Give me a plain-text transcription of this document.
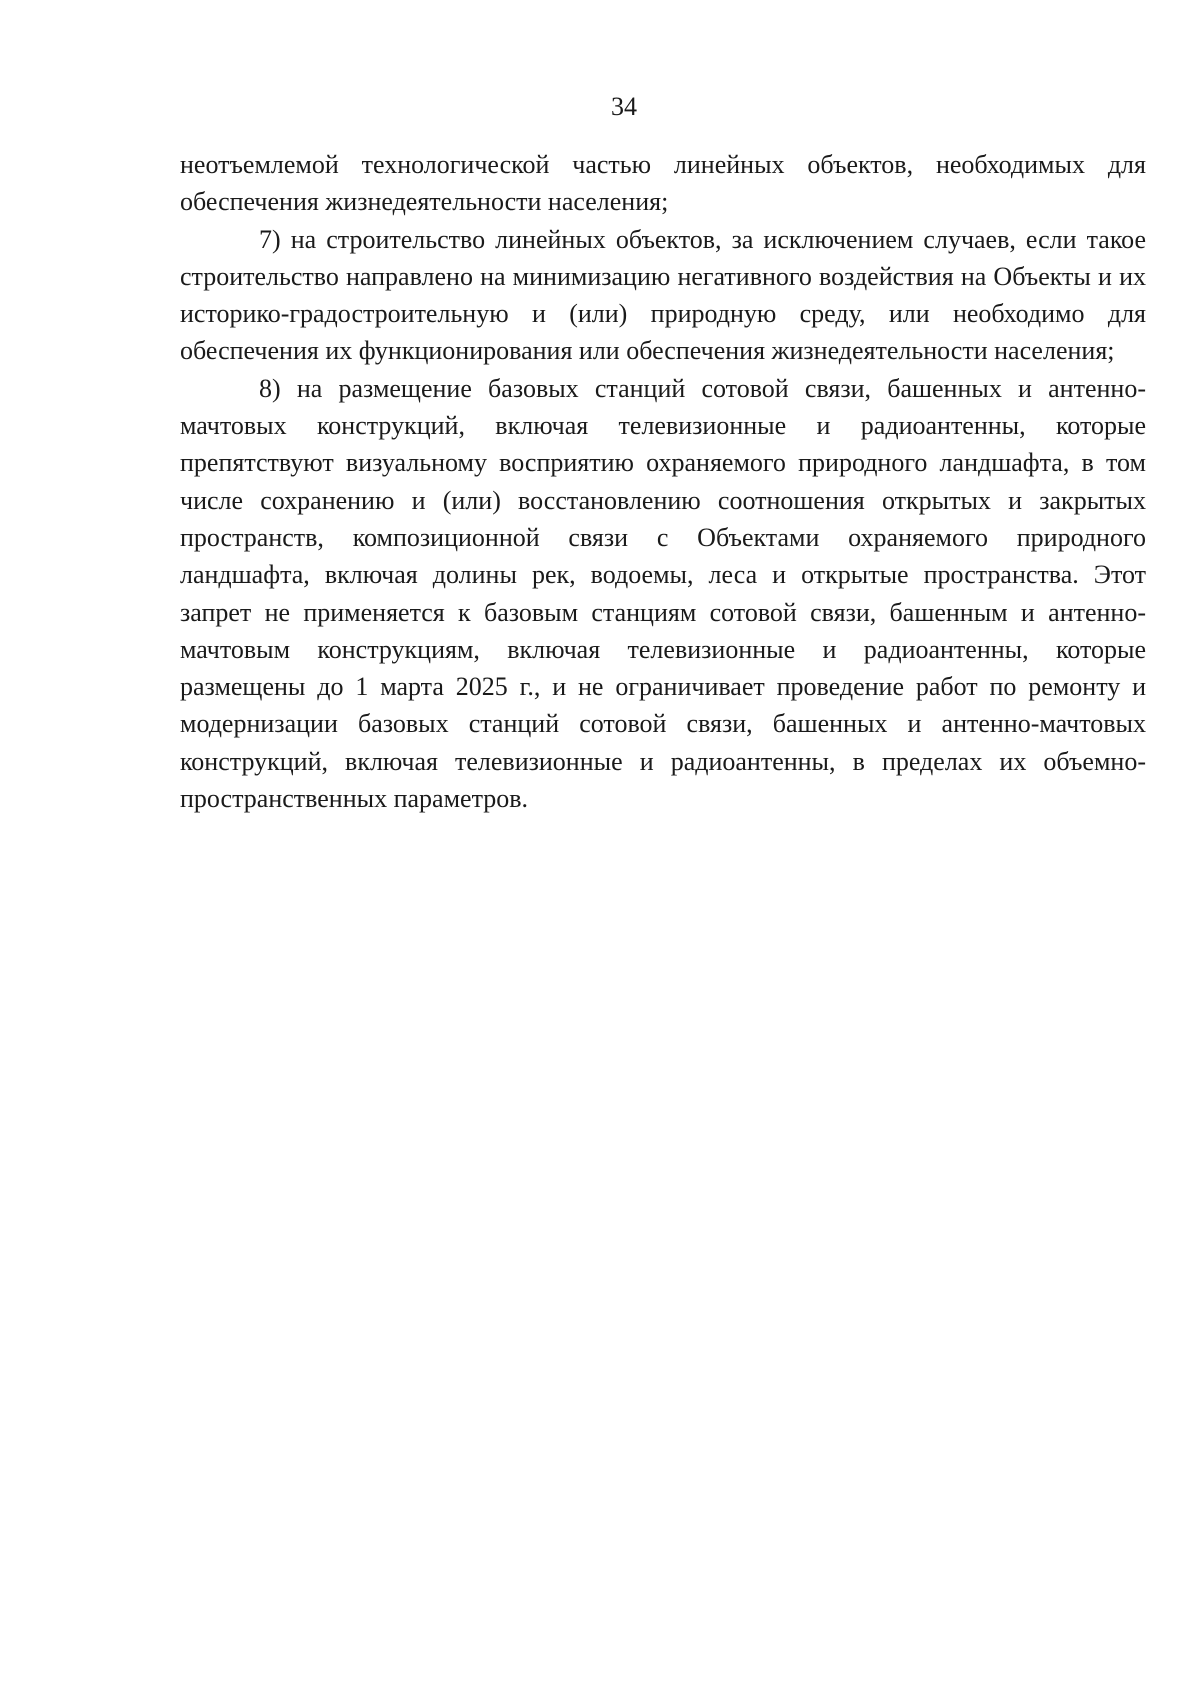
34

неотъемлемой технологической частью линейных объектов, необходимых для обеспечения жизнедеятельности населения;

7) на строительство линейных объектов, за исключением случаев, если такое строительство направлено на минимизацию негативного воздействия на Объекты и их историко-градостроительную и (или) природную среду, или необходимо для обеспечения их функционирования или обеспечения жизнедеятельности населения;

8) на размещение базовых станций сотовой связи, башенных и антенно-мачтовых конструкций, включая телевизионные и радиоантенны, которые препятствуют визуальному восприятию охраняемого природного ландшафта, в том числе сохранению и (или) восстановлению соотношения открытых и закрытых пространств, композиционной связи с Объектами охраняемого природного ландшафта, включая долины рек, водоемы, леса и открытые пространства. Этот запрет не применяется к базовым станциям сотовой связи, башенным и антенно-мачтовым конструкциям, включая телевизионные и радиоантенны, которые размещены до 1 марта 2025 г., и не ограничивает проведение работ по ремонту и модернизации базовых станций сотовой связи, башенных и антенно-мачтовых конструкций, включая телевизионные и радиоантенны, в пределах их объемно-пространственных параметров.
